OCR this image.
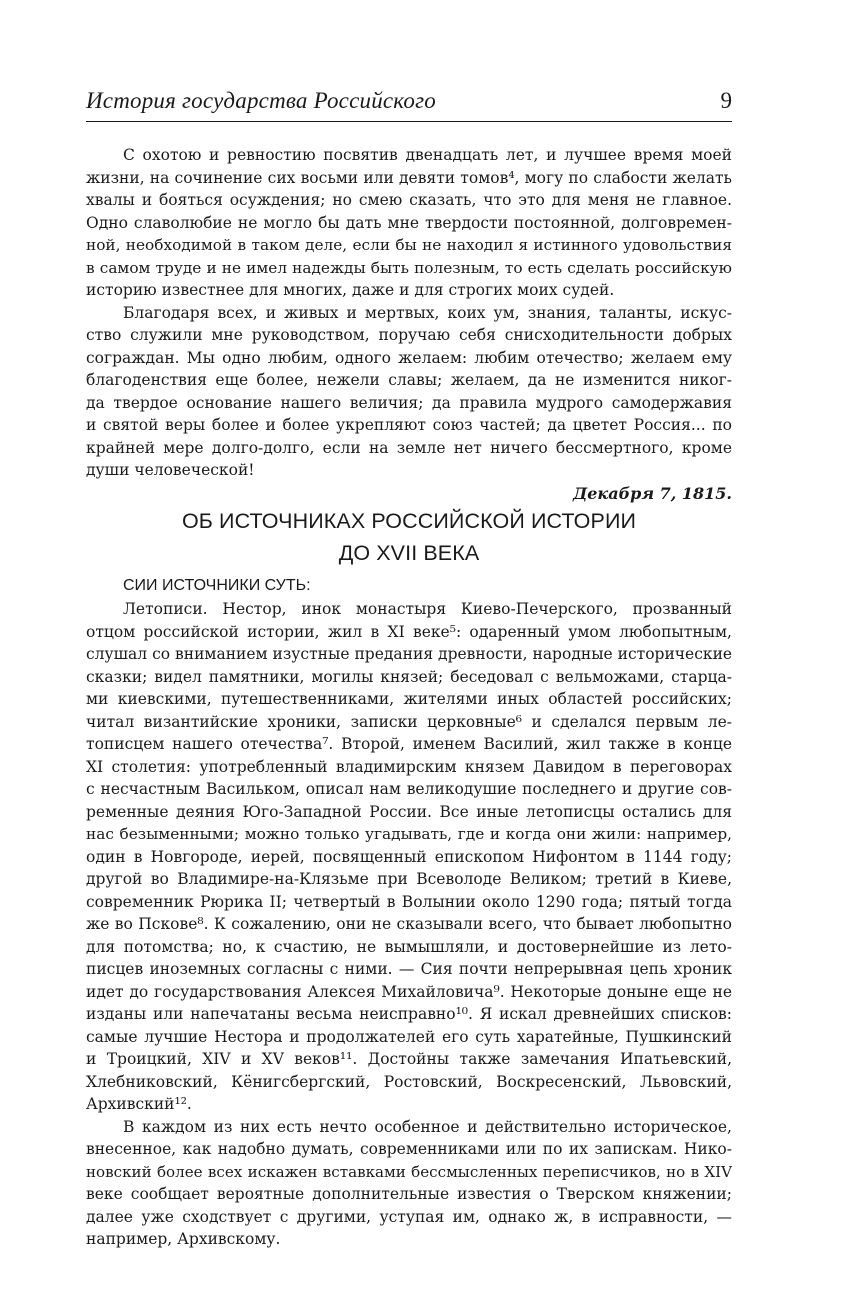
История государства Российского	9
С охотою и ревностию посвятив двенадцать лет, и лучшее время моей
жизни, на сочинение сих восьми или девяти томов⁴, могу по слабости желать
хвалы и бояться осуждения; но смею сказать, что это для меня не главное.
Одно славолюбие не могло бы дать мне твердости постоянной, долговремен-
ной, необходимой в таком деле, если бы не находил я истинного удовольствия
в самом труде и не имел надежды быть полезным, то есть сделать российскую
историю известнее для многих, даже и для строгих моих судей.
Благодаря всех, и живых и мертвых, коих ум, знания, таланты, искус-
ство служили мне руководством, поручаю себя снисходительности добрых
сограждан. Мы одно любим, одного желаем: любим отечество; желаем ему
благоденствия еще более, нежели славы; желаем, да не изменится никог-
да твердое основание нашего величия; да правила мудрого самодержавия
и святой веры более и более укрепляют союз частей; да цветет Россия... по
крайней мере долго-долго, если на земле нет ничего бессмертного, кроме
души человеческой!
Декабря 7, 1815.
ОБ ИСТОЧНИКАХ РОССИЙСКОЙ ИСТОРИИ
ДО XVII ВЕКА
СИИ ИСТОЧНИКИ СУТЬ:
Летописи. Нестор, инок монастыря Киево-Печерского, прозванный
отцом российской истории, жил в XI веке⁵: одаренный умом любопытным,
слушал со вниманием изустные предания древности, народные исторические
сказки; видел памятники, могилы князей; беседовал с вельможами, старца-
ми киевскими, путешественниками, жителями иных областей российских;
читал византийские хроники, записки церковные⁶ и сделался первым ле-
тописцем нашего отечества⁷. Второй, именем Василий, жил также в конце
XI столетия: употребленный владимирским князем Давидом в переговорах
с несчастным Васильком, описал нам великодушие последнего и другие сов-
ременные деяния Юго-Западной России. Все иные летописцы остались для
нас безыменными; можно только угадывать, где и когда они жили: например,
один в Новгороде, иерей, посвященный епископом Нифонтом в 1144 году;
другой во Владимире-на-Клязьме при Всеволоде Великом; третий в Киеве,
современник Рюрика II; четвертый в Волынии около 1290 года; пятый тогда
же во Пскове⁸. К сожалению, они не сказывали всего, что бывает любопытно
для потомства; но, к счастию, не вымышляли, и достовернейшие из лето-
писцев иноземных согласны с ними. — Сия почти непрерывная цепь хроник
идет до государствования Алексея Михайловича⁹. Некоторые доныне еще не
изданы или напечатаны весьма неисправно¹⁰. Я искал древнейших списков:
самые лучшие Нестора и продолжателей его суть харатейные, Пушкинский
и Троицкий, XIV и XV веков¹¹. Достойны также замечания Ипатьевский,
Хлебниковский, Кёнигсбергский, Ростовский, Воскресенский, Львовский,
Архивский¹².
В каждом из них есть нечто особенное и действительно историческое,
внесенное, как надобно думать, современниками или по их запискам. Нико-
новский более всех искажен вставками бессмысленных переписчиков, но в XIV
веке сообщает вероятные дополнительные известия о Тверском княжении;
далее уже сходствует с другими, уступая им, однако ж, в исправности, —
например, Архивскому.
